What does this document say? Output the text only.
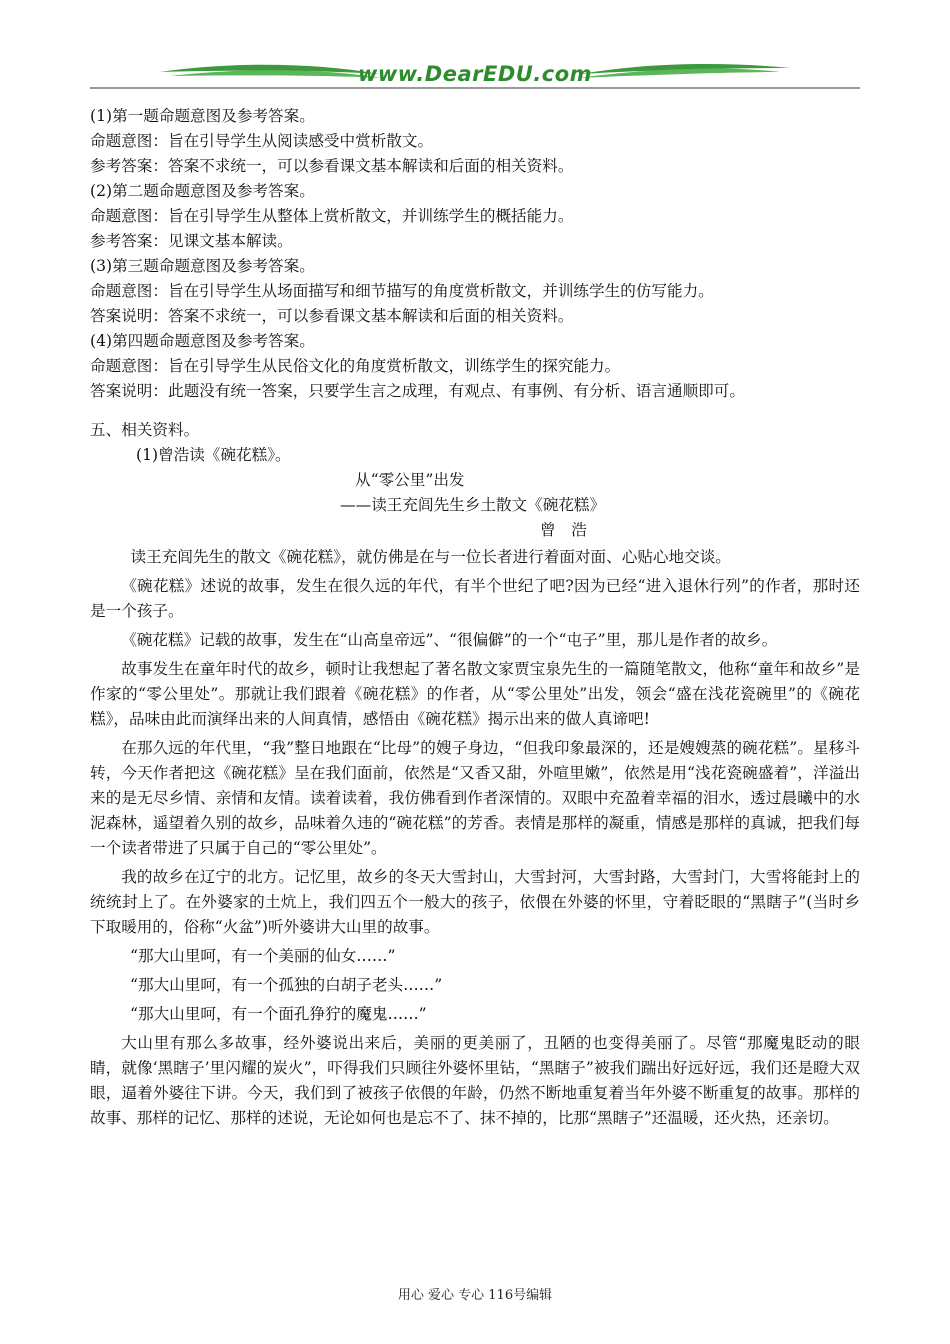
www.DearEDU.com
(1)第一题命题意图及参考答案。
命题意图：旨在引导学生从阅读感受中赏析散文。
参考答案：答案不求统一，可以参看课文基本解读和后面的相关资料。
(2)第二题命题意图及参考答案。
命题意图：旨在引导学生从整体上赏析散文，并训练学生的概括能力。
参考答案：见课文基本解读。
(3)第三题命题意图及参考答案。
命题意图：旨在引导学生从场面描写和细节描写的角度赏析散文，并训练学生的仿写能力。
答案说明：答案不求统一，可以参看课文基本解读和后面的相关资料。
(4)第四题命题意图及参考答案。
命题意图：旨在引导学生从民俗文化的角度赏析散文，训练学生的探究能力。
答案说明：此题没有统一答案，只要学生言之成理，有观点、有事例、有分析、语言通顺即可。
五、相关资料。
(1)曾浩读《碗花糕》。
从“零公里”出发
——读王充闾先生乡土散文《碗花糕》
曾　浩

读王充闾先生的散文《碗花糕》，就仿佛是在与一位长者进行着面对面、心贴心地交谈。

《碗花糕》述说的故事，发生在很久远的年代，有半个世纪了吧?因为已经“进入退休行列”的作者，那时还是一个孩子。

《碗花糕》记载的故事，发生在“山高皇帝远”、“很偏僻”的一个“屯子”里，那儿是作者的故乡。

故事发生在童年时代的故乡，顿时让我想起了著名散文家贾宝泉先生的一篇随笔散文，他称“童年和故乡”是作家的“零公里处”。那就让我们跟着《碗花糕》的作者，从“零公里处”出发，领会“盛在浅花瓷碗里”的《碗花糕》，品味由此而演绎出来的人间真情，感悟由《碗花糕》揭示出来的做人真谛吧!

在那久远的年代里，“我”整日地跟在“比母”的嫂子身边，“但我印象最深的，还是嫂嫂蒸的碗花糕”。星移斗转，今天作者把这《碗花糕》呈在我们面前，依然是“又香又甜，外喧里嫩”，依然是用“浅花瓷碗盛着”，洋溢出来的是无尽乡情、亲情和友情。读着读着，我仿佛看到作者深情的。双眼中充盈着幸福的泪水，透过晨曦中的水泥森林，遥望着久别的故乡，品味着久违的“碗花糕”的芳香。表情是那样的凝重，情感是那样的真诚，把我们每一个读者带进了只属于自己的“零公里处”。

我的故乡在辽宁的北方。记忆里，故乡的冬天大雪封山，大雪封河，大雪封路，大雪封门，大雪将能封上的统统封上了。在外婆家的土炕上，我们四五个一般大的孩子，依偎在外婆的怀里，守着眨眼的“黑瞎子”(当时乡下取暖用的，俗称“火盆”)听外婆讲大山里的故事。

“那大山里呵，有一个美丽的仙女……”
“那大山里呵，有一个孤独的白胡子老头……”
“那大山里呵，有一个面孔狰狞的魔鬼……”

大山里有那么多故事，经外婆说出来后，美丽的更美丽了，丑陋的也变得美丽了。尽管“那魔鬼眨动的眼睛，就像‘黑瞎子’里闪耀的炭火”，吓得我们只顾往外婆怀里钻，“黑瞎子”被我们踹出好远好远，我们还是瞪大双眼，逼着外婆往下讲。今天，我们到了被孩子依偎的年龄，仍然不断地重复着当年外婆不断重复的故事。那样的故事、那样的记忆、那样的述说，无论如何也是忘不了、抹不掉的，比那“黑瞎子”还温暖，还火热，还亲切。

用心 爱心 专心 116号编辑
